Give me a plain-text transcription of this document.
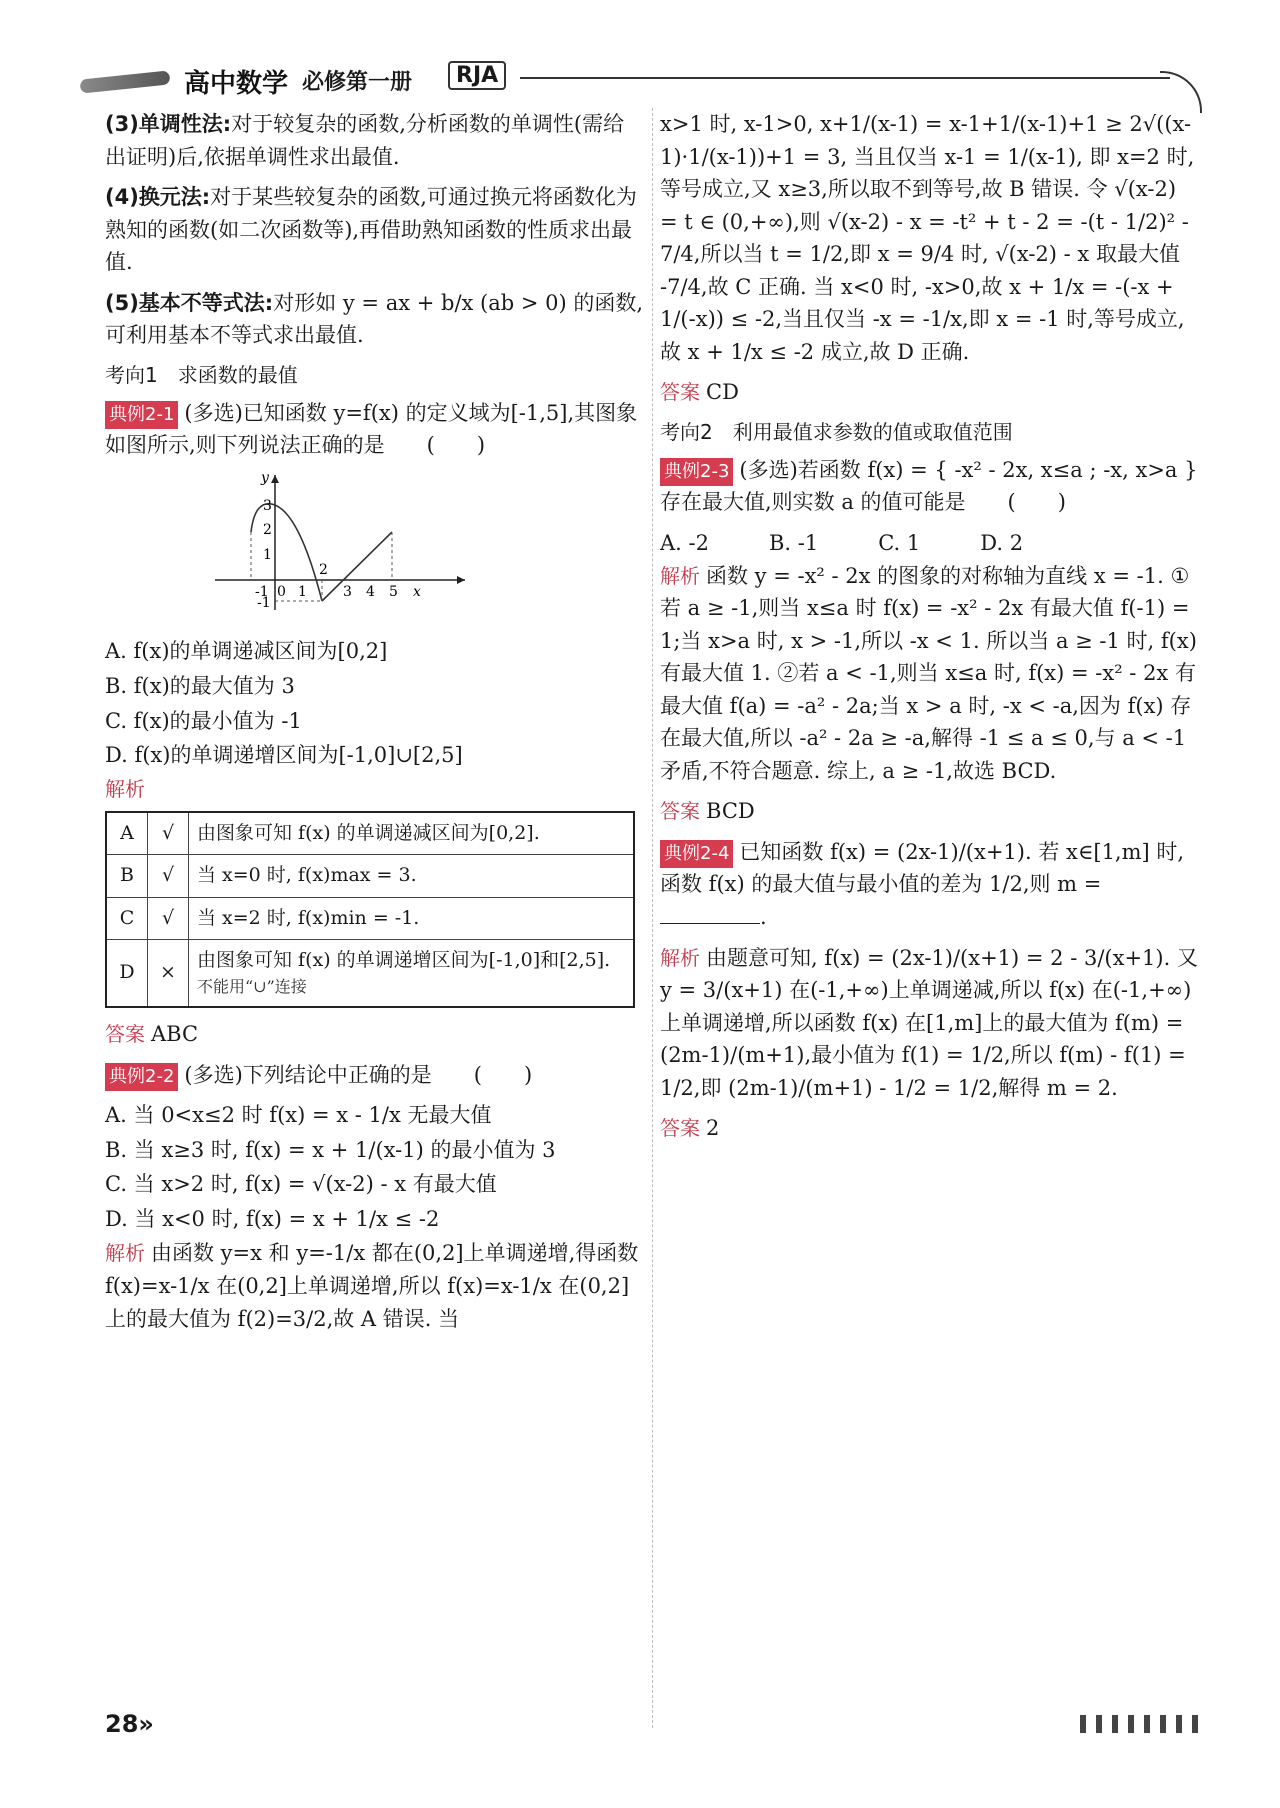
高中数学 必修第一册	RJA

(3)单调性法:对于较复杂的函数,分析函数的单调性(需给出证明)后,依据单调性求出最值.

(4)换元法:对于某些较复杂的函数,可通过换元将函数化为熟知的函数(如二次函数等),再借助熟知函数的性质求出最值.

(5)基本不等式法:对形如 y = ax + b/x (ab > 0) 的函数,可利用基本不等式求出最值.

考向1　求函数的最值

典例2-1 (多选)已知函数 y=f(x) 的定义域为[-1,5],其图象如图所示,则下列说法正确的是　　(　　)

-1 0 1
2
3 4 5 x
3
2
1
-1
y
A. f(x)的单调递减区间为[0,2]
B. f(x)的最大值为 3
C. f(x)的最小值为 -1
D. f(x)的单调递增区间为[-1,0]∪[2,5]
解析
A	√	由图象可知 f(x) 的单调递减区间为[0,2].
B	√	当 x=0 时, f(x)max = 3.
C	√	当 x=2 时, f(x)min = -1.
D	×	由图象可知 f(x) 的单调递增区间为[-1,0]和[2,5].
不能用“∪”连接

答案 ABC

典例2-2 (多选)下列结论中正确的是　　(　　)

A. 当 0<x≤2 时 f(x) = x - 1/x 无最大值
B. 当 x≥3 时, f(x) = x + 1/(x-1) 的最小值为 3
C. 当 x>2 时, f(x) = √(x-2) - x 有最大值
D. 当 x<0 时, f(x) = x + 1/x ≤ -2

解析 由函数 y=x 和 y=-1/x 都在(0,2]上单调递增,得函数 f(x)=x-1/x 在(0,2]上单调递增,所以 f(x)=x-1/x 在(0,2]上的最大值为 f(2)=3/2,故 A 错误. 当

x>1 时, x-1>0, x+1/(x-1) = x-1+1/(x-1)+1 ≥ 2√((x-1)·1/(x-1))+1 = 3, 当且仅当 x-1 = 1/(x-1), 即 x=2 时,等号成立,又 x≥3,所以取不到等号,故 B 错误. 令 √(x-2) = t ∈ (0,+∞),则 √(x-2) - x = -t² + t - 2 = -(t - 1/2)² - 7/4,所以当 t = 1/2,即 x = 9/4 时, √(x-2) - x 取最大值 -7/4,故 C 正确. 当 x<0 时, -x>0,故 x + 1/x = -(-x + 1/(-x)) ≤ -2,当且仅当 -x = -1/x,即 x = -1 时,等号成立,故 x + 1/x ≤ -2 成立,故 D 正确.

答案 CD

考向2　利用最值求参数的值或取值范围

典例2-3 (多选)若函数 f(x) = { -x² - 2x, x≤a ; -x, x>a } 存在最大值,则实数 a 的值可能是　　(　　)

A. -2	B. -1	C. 1	D. 2

解析 函数 y = -x² - 2x 的图象的对称轴为直线 x = -1. ①若 a ≥ -1,则当 x≤a 时 f(x) = -x² - 2x 有最大值 f(-1) = 1;当 x>a 时, x > -1,所以 -x < 1. 所以当 a ≥ -1 时, f(x) 有最大值 1. ②若 a < -1,则当 x≤a 时, f(x) = -x² - 2x 有最大值 f(a) = -a² - 2a;当 x > a 时, -x < -a,因为 f(x) 存在最大值,所以 -a² - 2a ≥ -a,解得 -1 ≤ a ≤ 0,与 a < -1 矛盾,不符合题意. 综上, a ≥ -1,故选 BCD.

答案 BCD

典例2-4 已知函数 f(x) = (2x-1)/(x+1). 若 x∈[1,m] 时,函数 f(x) 的最大值与最小值的差为 1/2,则 m = .

解析 由题意可知, f(x) = (2x-1)/(x+1) = 2 - 3/(x+1). 又 y = 3/(x+1) 在(-1,+∞)上单调递减,所以 f(x) 在(-1,+∞)上单调递增,所以函数 f(x) 在[1,m]上的最大值为 f(m) = (2m-1)/(m+1),最小值为 f(1) = 1/2,所以 f(m) - f(1) = 1/2,即 (2m-1)/(m+1) - 1/2 = 1/2,解得 m = 2.

答案 2

28»
